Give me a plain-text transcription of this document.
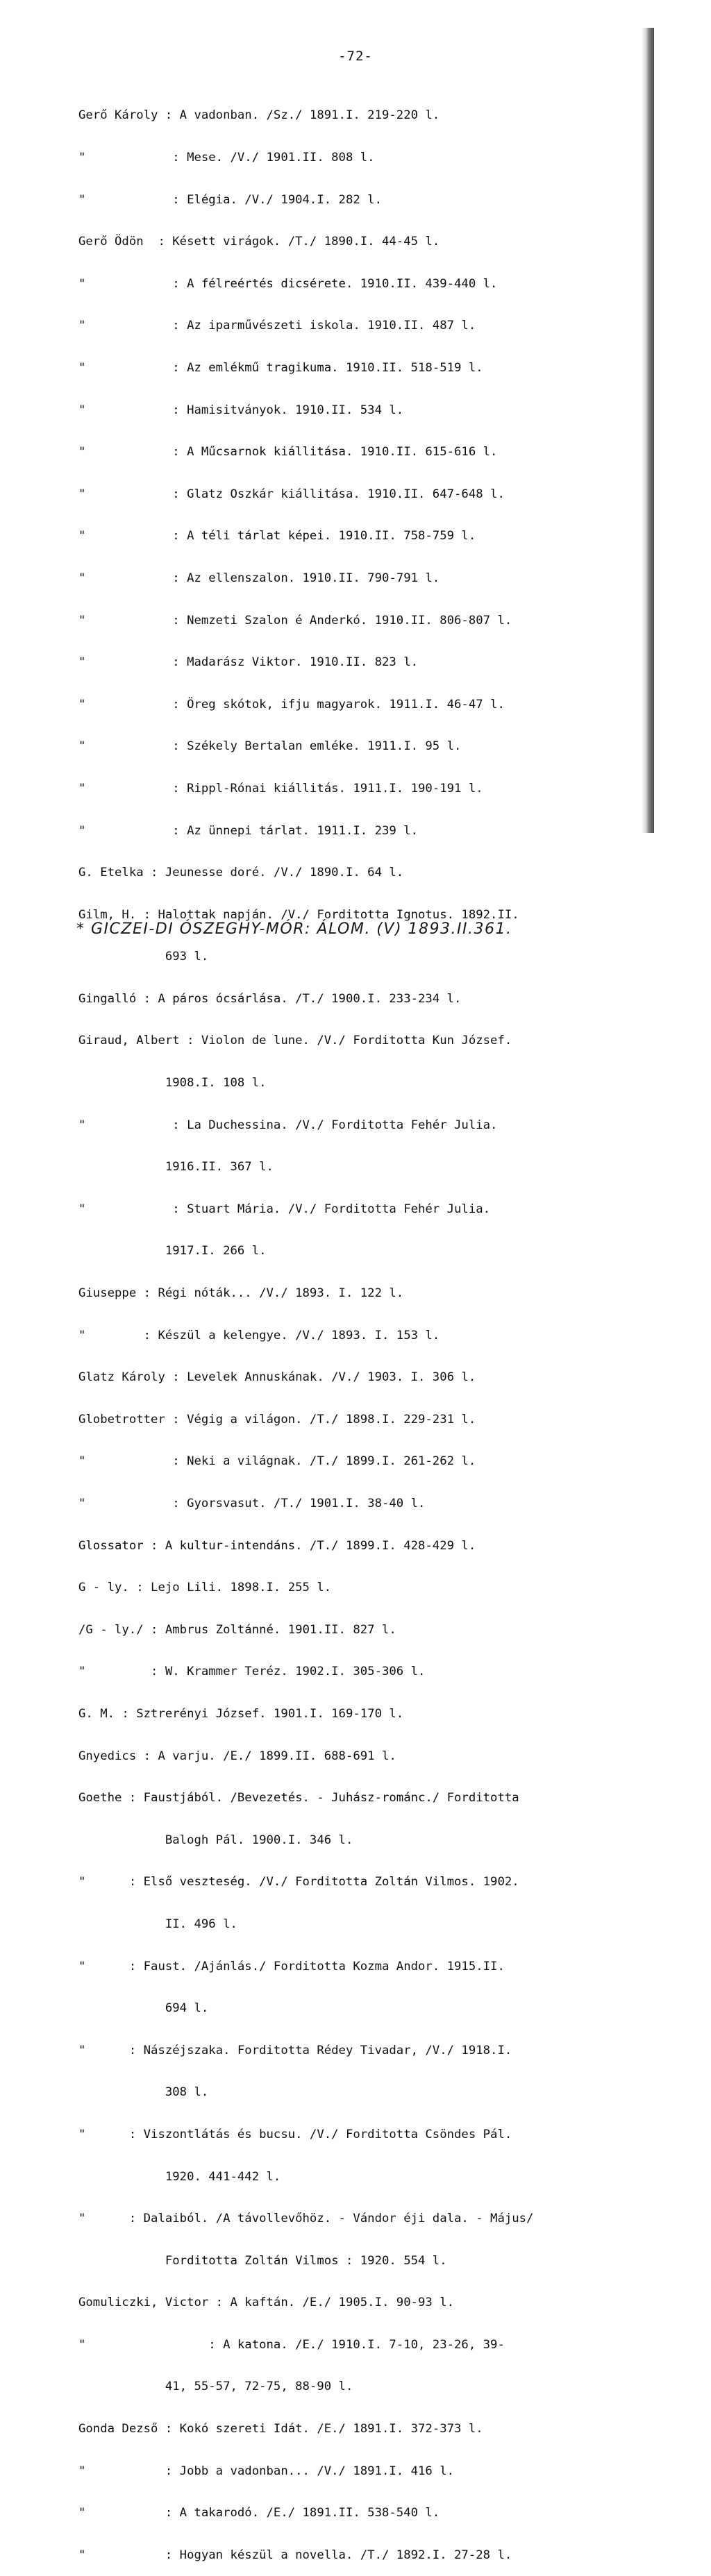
-72-

Gerő Károly : A vadonban. /Sz./ 1891.I. 219-220 l.

"            : Mese. /V./ 1901.II. 808 l.

"            : Elégia. /V./ 1904.I. 282 l.

Gerő Ödön  : Késett virágok. /T./ 1890.I. 44-45 l.

"            : A félreértés dicsérete. 1910.II. 439-440 l.

"            : Az iparművészeti iskola. 1910.II. 487 l.

"            : Az emlékmű tragikuma. 1910.II. 518-519 l.

"            : Hamisitványok. 1910.II. 534 l.

"            : A Műcsarnok kiállitása. 1910.II. 615-616 l.

"            : Glatz Oszkár kiállitása. 1910.II. 647-648 l.

"            : A téli tárlat képei. 1910.II. 758-759 l.

"            : Az ellenszalon. 1910.II. 790-791 l.

"            : Nemzeti Szalon é Anderkó. 1910.II. 806-807 l.

"            : Madarász Viktor. 1910.II. 823 l.

"            : Öreg skótok, ifju magyarok. 1911.I. 46-47 l.

"            : Székely Bertalan emléke. 1911.I. 95 l.

"            : Rippl-Rónai kiállitás. 1911.I. 190-191 l.

"            : Az ünnepi tárlat. 1911.I. 239 l.

G. Etelka : Jeunesse doré. /V./ 1890.I. 64 l.

Gilm, H. : Halottak napján. /V./ Forditotta Ignotus. 1892.II.

693 l.

Gingalló : A páros ócsárlása. /T./ 1900.I. 233-234 l.

Giraud, Albert : Violon de lune. /V./ Forditotta Kun József.

1908.I. 108 l.

"            : La Duchessina. /V./ Forditotta Fehér Julia.

1916.II. 367 l.

"            : Stuart Mária. /V./ Forditotta Fehér Julia.

1917.I. 266 l.

Giuseppe : Régi nóták... /V./ 1893. I. 122 l.

"        : Készül a kelengye. /V./ 1893. I. 153 l.

Glatz Károly : Levelek Annuskának. /V./ 1903. I. 306 l.

Globetrotter : Végig a világon. /T./ 1898.I. 229-231 l.

"            : Neki a világnak. /T./ 1899.I. 261-262 l.

"            : Gyorsvasut. /T./ 1901.I. 38-40 l.

Glossator : A kultur-intendáns. /T./ 1899.I. 428-429 l.

G - ly. : Lejo Lili. 1898.I. 255 l.

/G - ly./ : Ambrus Zoltánné. 1901.II. 827 l.

"         : W. Krammer Teréz. 1902.I. 305-306 l.

G. M. : Sztrerényi József. 1901.I. 169-170 l.

Gnyedics : A varju. /E./ 1899.II. 688-691 l.

Goethe : Faustjából. /Bevezetés. - Juhász-románc./ Forditotta

Balogh Pál. 1900.I. 346 l.

"      : Első veszteség. /V./ Forditotta Zoltán Vilmos. 1902.

II. 496 l.

"      : Faust. /Ajánlás./ Forditotta Kozma Andor. 1915.II.

694 l.

"      : Nászéjszaka. Forditotta Rédey Tivadar, /V./ 1918.I.

308 l.

"      : Viszontlátás és bucsu. /V./ Forditotta Csöndes Pál.

1920. 441-442 l.

"      : Dalaiból. /A távollevőhöz. - Vándor éji dala. - Május/

Forditotta Zoltán Vilmos : 1920. 554 l.

Gomuliczki, Victor : A kaftán. /E./ 1905.I. 90-93 l.

"                 : A katona. /E./ 1910.I. 7-10, 23-26, 39-

41, 55-57, 72-75, 88-90 l.

Gonda Dezső : Kokó szereti Idát. /E./ 1891.I. 372-373 l.

"           : Jobb a vadonban... /V./ 1891.I. 416 l.

"           : A takarodó. /E./ 1891.II. 538-540 l.

"           : Hogyan készül a novella. /T./ 1892.I. 27-28 l.

* GICZEI-DI ÓSZEGHY-MÓR: ÁLOM. (V) 1893.II.361.
